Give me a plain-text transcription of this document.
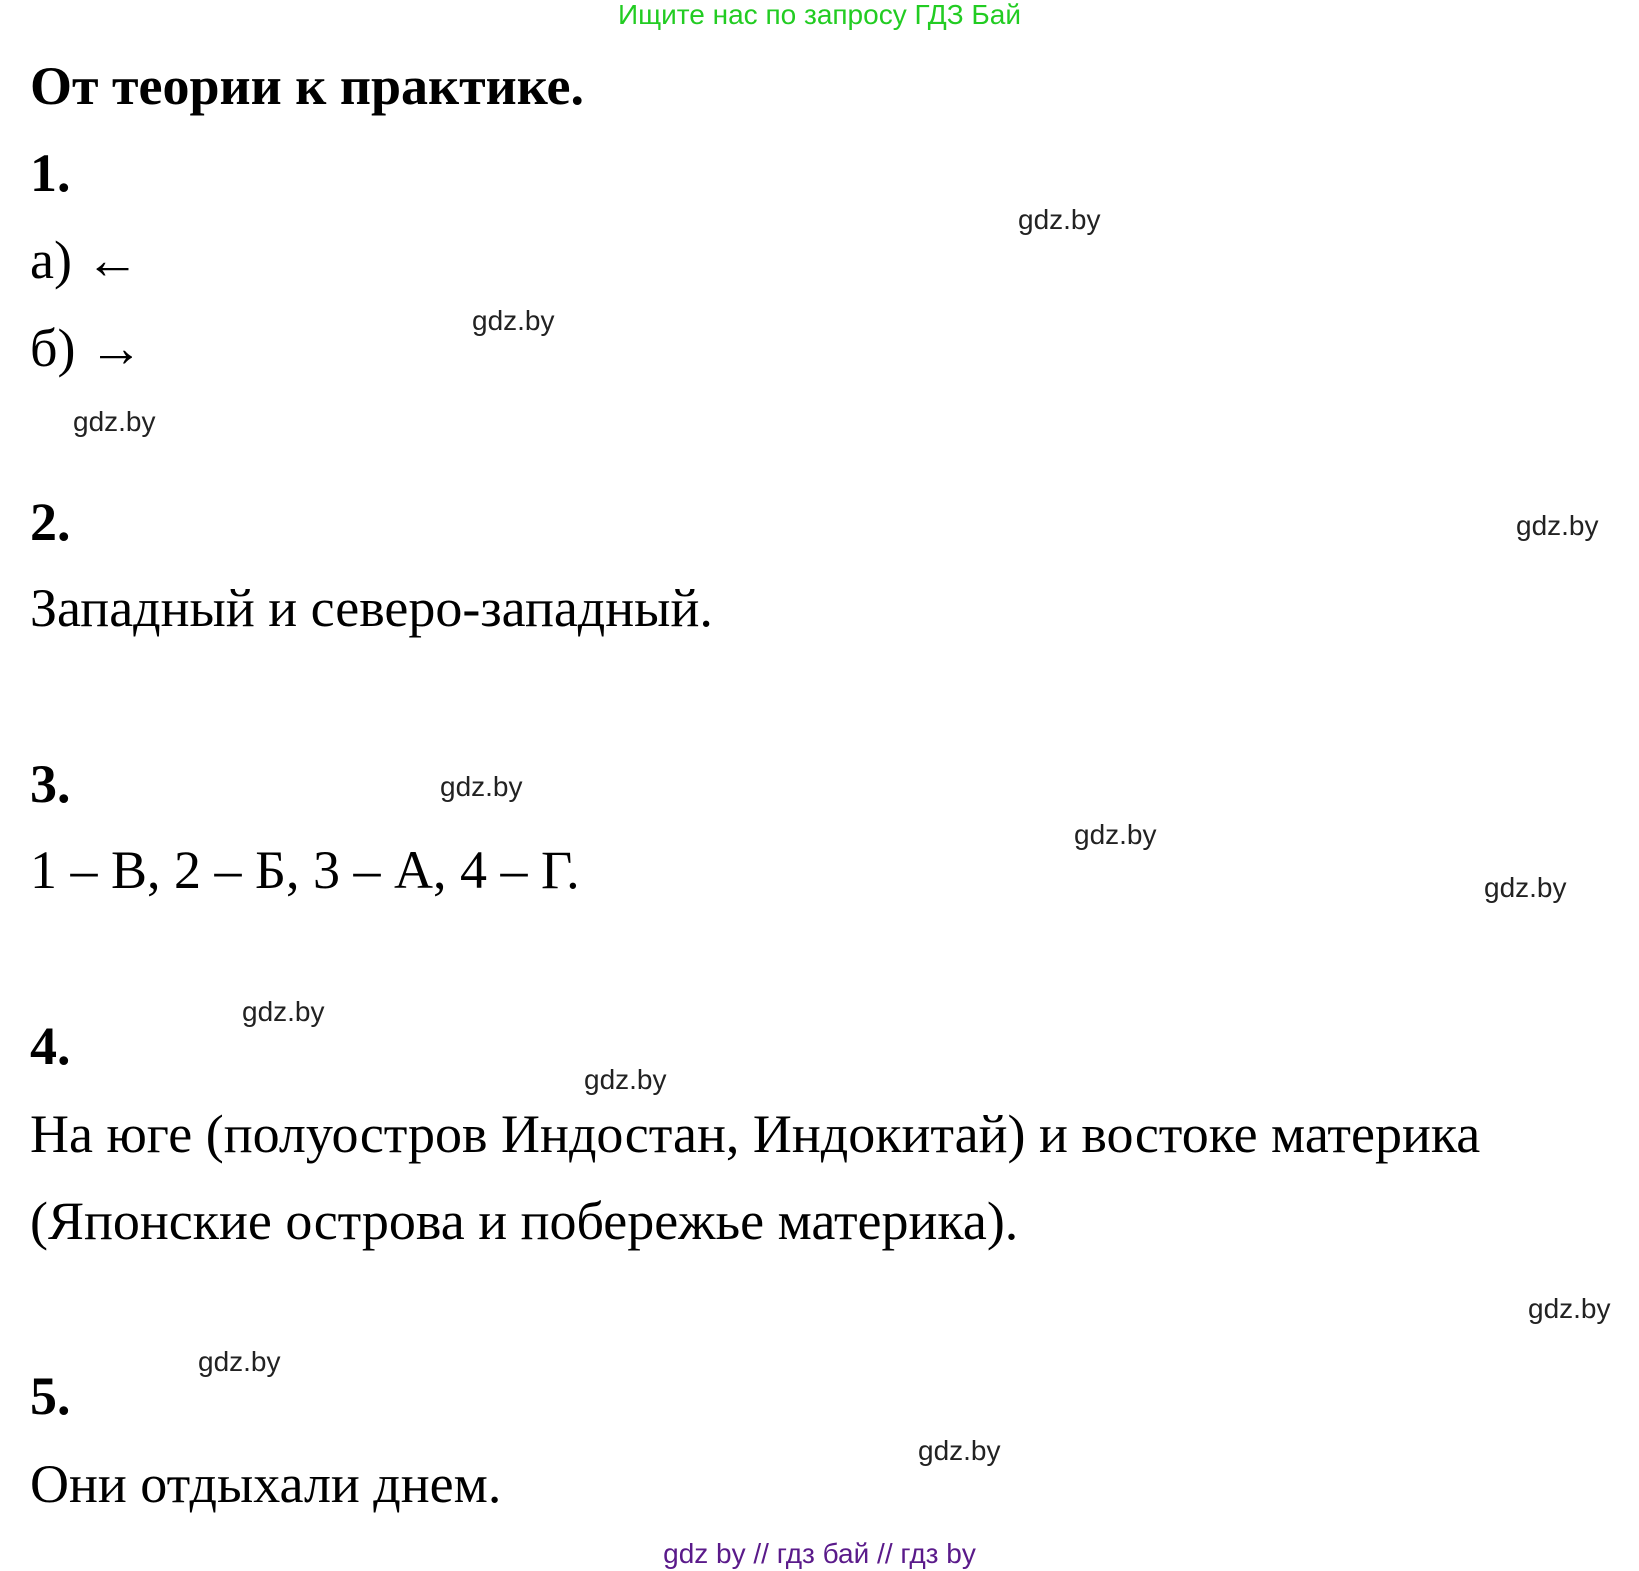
Ищите нас по запросу ГДЗ Бай
От теории к практике.
1.
а) ←
б) →
2.
Западный и северо-западный.
3.
1 – В, 2 – Б, 3 – А, 4 – Г.
4.
На юге (полуостров Индостан, Индокитай) и востоке материка
(Японские острова и побережье материка).
5.
Они отдыхали днем.
gdz.by
gdz.by
gdz.by
gdz.by
gdz.by
gdz.by
gdz.by
gdz.by
gdz.by
gdz.by
gdz.by
gdz.by
gdz by // гдз бай // гдз by
